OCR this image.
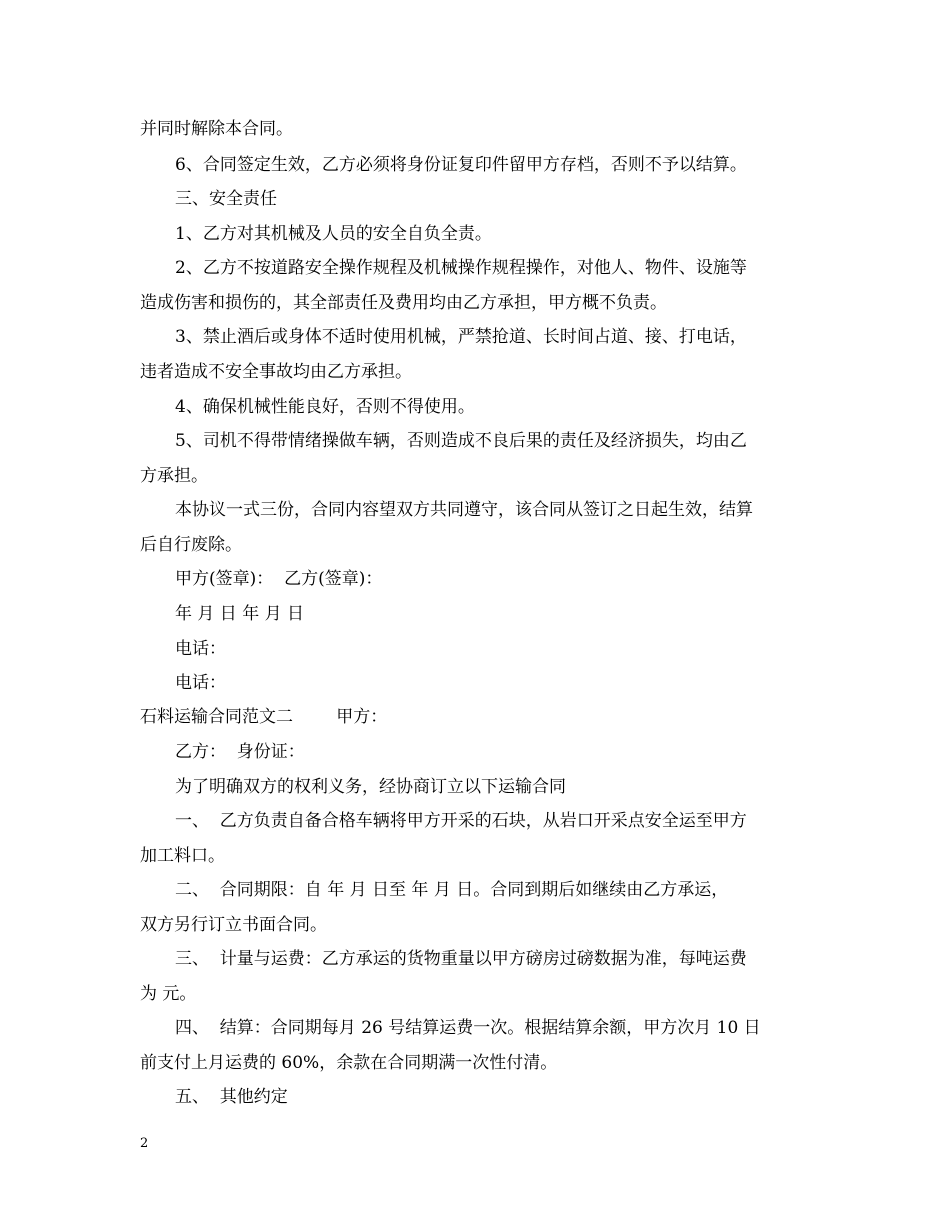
并同时解除本合同。
6、合同签定生效，乙方必须将身份证复印件留甲方存档，否则不予以结算。
三、安全责任
1、乙方对其机械及人员的安全自负全责。
2、乙方不按道路安全操作规程及机械操作规程操作，对他人、物件、设施等
造成伤害和损伤的，其全部责任及费用均由乙方承担，甲方概不负责。
3、禁止酒后或身体不适时使用机械，严禁抢道、长时间占道、接、打电话，
违者造成不安全事故均由乙方承担。
4、确保机械性能良好，否则不得使用。
5、司机不得带情绪操做车辆，否则造成不良后果的责任及经济损失，均由乙
方承担。
本协议一式三份，合同内容望双方共同遵守，该合同从签订之日起生效，结算
后自行废除。
甲方(签章)：  乙方(签章)：
年 月 日 年 月 日
电话：
电话：
石料运输合同范文二        甲方：
乙方：  身份证：
为了明确双方的权利义务，经协商订立以下运输合同
一、  乙方负责自备合格车辆将甲方开采的石块，从岩口开采点安全运至甲方
加工料口。
二、  合同期限：自 年 月 日至 年 月 日。合同到期后如继续由乙方承运，
双方另行订立书面合同。
三、  计量与运费：乙方承运的货物重量以甲方磅房过磅数据为准，每吨运费
为 元。
四、  结算：合同期每月 26 号结算运费一次。根据结算余额，甲方次月 10 日
前支付上月运费的 60%，余款在合同期满一次性付清。
五、  其他约定
2
